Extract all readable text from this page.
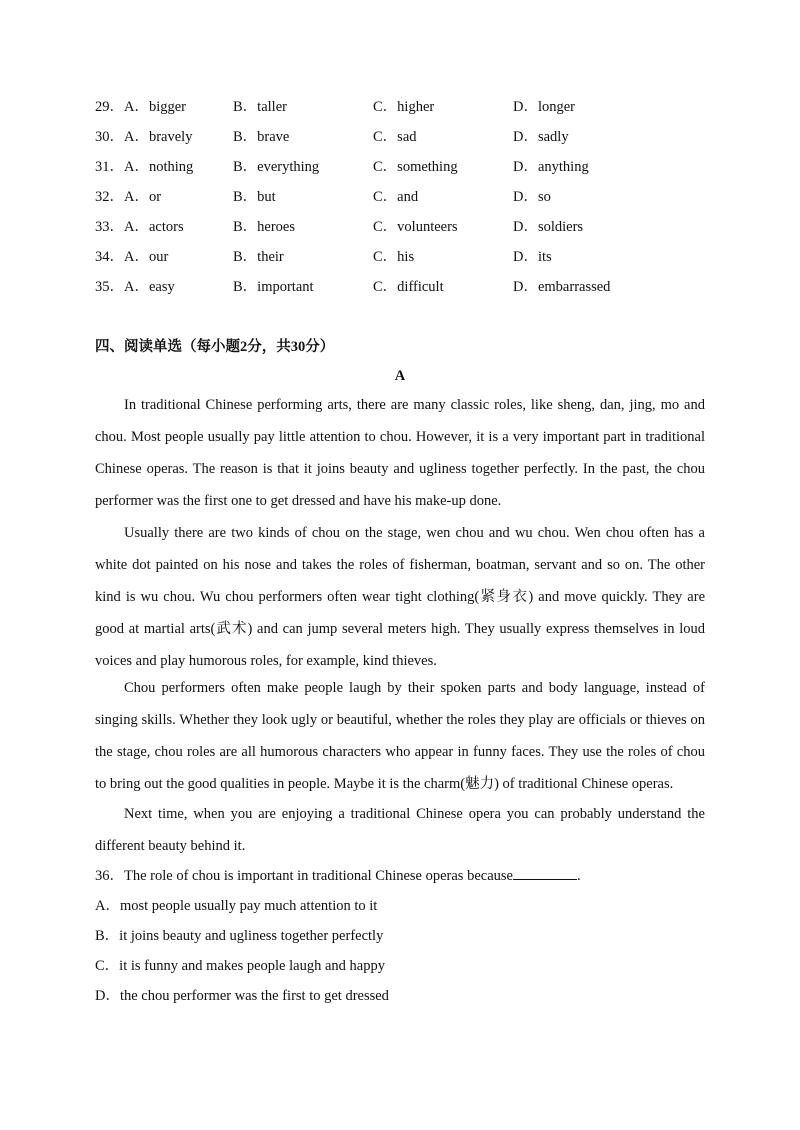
29．A．bigger	B．taller	C．higher	D．longer
30．A．bravely	B．brave	C．sad	D．sadly
31．A．nothing	B．everything	C．something	D．anything
32．A．or	B．but	C．and	D．so
33．A．actors	B．heroes	C．volunteers	D．soldiers
34．A．our	B．their	C．his	D．its
35．A．easy	B．important	C．difficult	D．embarrassed
四、阅读单选（每小题2分，共30分）
A

In traditional Chinese performing arts, there are many classic roles, like sheng, dan, jing, mo and chou. Most people usually pay little attention to chou. However, it is a very important part in traditional Chinese operas. The reason is that it joins beauty and ugliness together perfectly. In the past, the chou performer was the first one to get dressed and have his make-up done.

Usually there are two kinds of chou on the stage, wen chou and wu chou. Wen chou often has a white dot painted on his nose and takes the roles of fisherman, boatman, servant and so on. The other kind is wu chou. Wu chou performers often wear tight clothing(紧身衣) and move quickly. They are good at martial arts(武术) and can jump several meters high. They usually express themselves in loud voices and play humorous roles, for example, kind thieves.

Chou performers often make people laugh by their spoken parts and body language, instead of singing skills. Whether they look ugly or beautiful, whether the roles they play are officials or thieves on the stage, chou roles are all humorous characters who appear in funny faces. They use the roles of chou to bring out the good qualities in people. Maybe it is the charm(魅力) of traditional Chinese operas.

Next time, when you are enjoying a traditional Chinese opera you can probably understand the different beauty behind it.

36．The role of chou is important in traditional Chinese operas because	.
A．most people usually pay much attention to it
B．it joins beauty and ugliness together perfectly
C．it is funny and makes people laugh and happy
D．the chou performer was the first to get dressed
